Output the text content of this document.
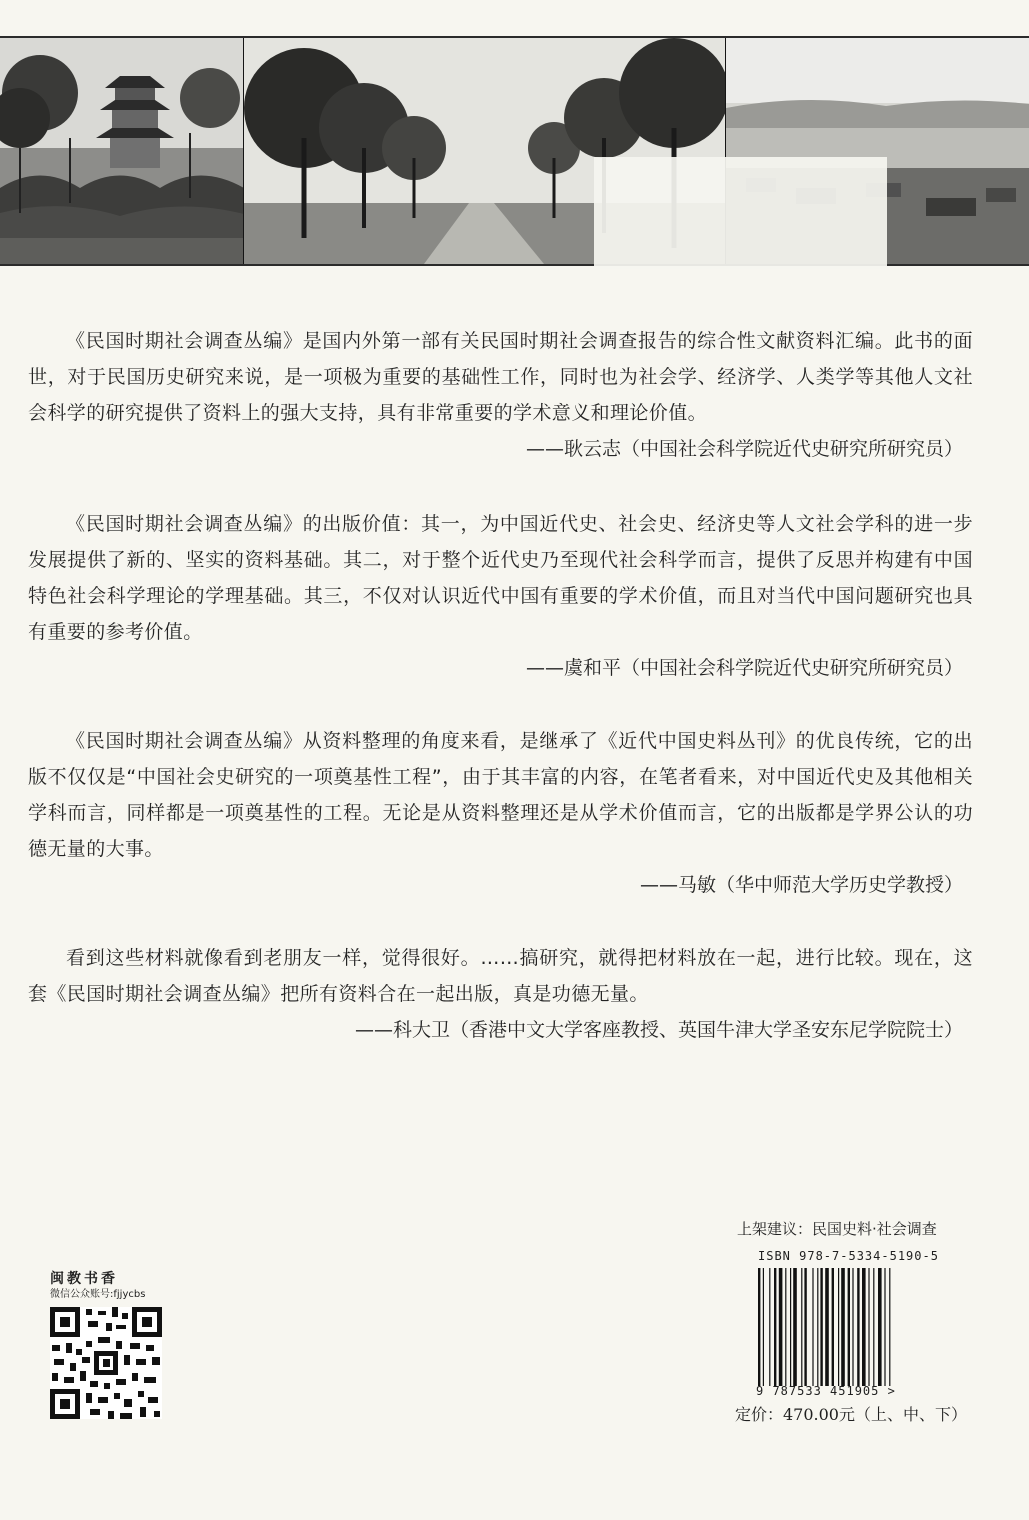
《民国时期社会调查丛编》是国内外第一部有关民国时期社会调查报告的综合性文献资料汇编。此书的面世，对于民国历史研究来说，是一项极为重要的基础性工作，同时也为社会学、经济学、人类学等其他人文社会科学的研究提供了资料上的强大支持，具有非常重要的学术意义和理论价值。

——耿云志（中国社会科学院近代史研究所研究员）

《民国时期社会调查丛编》的出版价值：其一，为中国近代史、社会史、经济史等人文社会学科的进一步发展提供了新的、坚实的资料基础。其二，对于整个近代史乃至现代社会科学而言，提供了反思并构建有中国特色社会科学理论的学理基础。其三，不仅对认识近代中国有重要的学术价值，而且对当代中国问题研究也具有重要的参考价值。

——虞和平（中国社会科学院近代史研究所研究员）

《民国时期社会调查丛编》从资料整理的角度来看，是继承了《近代中国史料丛刊》的优良传统，它的出版不仅仅是“中国社会史研究的一项奠基性工程”，由于其丰富的内容，在笔者看来，对中国近代史及其他相关学科而言，同样都是一项奠基性的工程。无论是从资料整理还是从学术价值而言，它的出版都是学界公认的功德无量的大事。

——马敏（华中师范大学历史学教授）

看到这些材料就像看到老朋友一样，觉得很好。……搞研究，就得把材料放在一起，进行比较。现在，这套《民国时期社会调查丛编》把所有资料合在一起出版，真是功德无量。

——科大卫（香港中文大学客座教授、英国牛津大学圣安东尼学院院士）

闽教书香

微信公众账号:fjjycbs

上架建议：民国史料·社会调查

ISBN 978-7-5334-5190-5

9 787533 451905 >

定价：470.00元（上、中、下）
